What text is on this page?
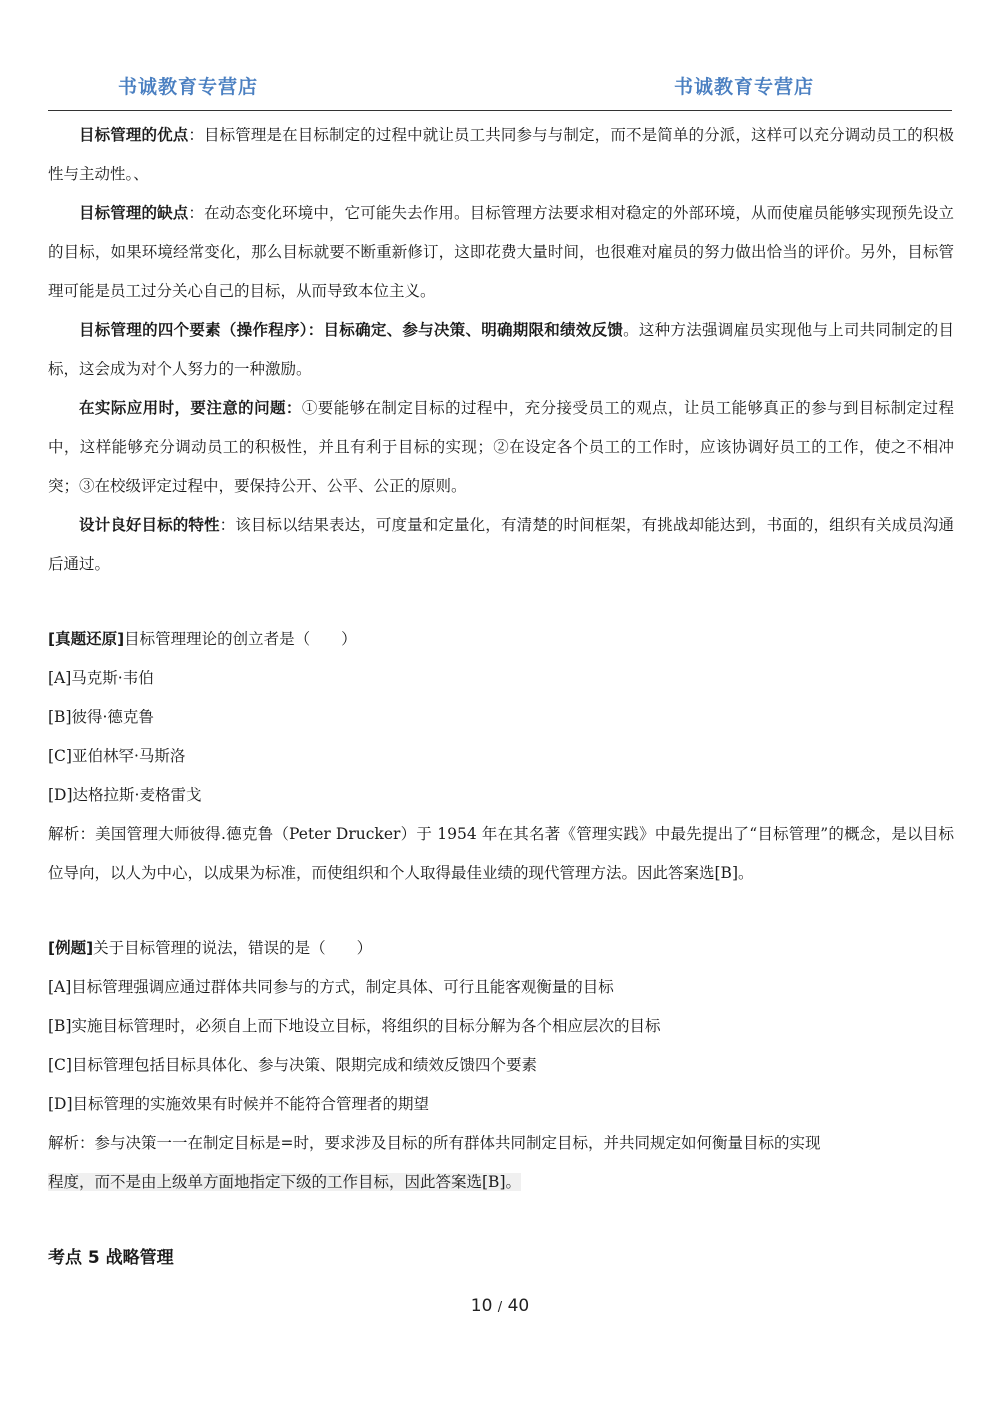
书诚教育专营店	书诚教育专营店

目标管理的优点：目标管理是在目标制定的过程中就让员工共同参与与制定，而不是简单的分派，这样可以充分调动员工的积极性与主动性。、

目标管理的缺点：在动态变化环境中，它可能失去作用。目标管理方法要求相对稳定的外部环境，从而使雇员能够实现预先设立的目标，如果环境经常变化，那么目标就要不断重新修订，这即花费大量时间，也很难对雇员的努力做出恰当的评价。另外，目标管理可能是员工过分关心自己的目标，从而导致本位主义。

目标管理的四个要素（操作程序）：目标确定、参与决策、明确期限和绩效反馈。这种方法强调雇员实现他与上司共同制定的目标，这会成为对个人努力的一种激励。

在实际应用时，要注意的问题：①要能够在制定目标的过程中，充分接受员工的观点，让员工能够真正的参与到目标制定过程中，这样能够充分调动员工的积极性，并且有利于目标的实现；②在设定各个员工的工作时，应该协调好员工的工作，使之不相冲突；③在校级评定过程中，要保持公开、公平、公正的原则。

设计良好目标的特性：该目标以结果表达，可度量和定量化，有清楚的时间框架，有挑战却能达到，书面的，组织有关成员沟通后通过。

[真题还原]目标管理理论的创立者是（　　）

[A]马克斯·韦伯

[B]彼得·德克鲁

[C]亚伯林罕·马斯洛

[D]达格拉斯·麦格雷戈

解析：美国管理大师彼得.德克鲁（Peter Drucker）于 1954 年在其名著《管理实践》中最先提出了“目标管理”的概念，是以目标位导向，以人为中心，以成果为标准，而使组织和个人取得最佳业绩的现代管理方法。因此答案选[B]。

[例题]关于目标管理的说法，错误的是（　　）

[A]目标管理强调应通过群体共同参与的方式，制定具体、可行且能客观衡量的目标

[B]实施目标管理时，必须自上而下地设立目标，将组织的目标分解为各个相应层次的目标

[C]目标管理包括目标具体化、参与决策、限期完成和绩效反馈四个要素

[D]目标管理的实施效果有时候并不能符合管理者的期望

解析：参与决策一一在制定目标是=时，要求涉及目标的所有群体共同制定目标，并共同规定如何衡量目标的实现

程度，而不是由上级单方面地指定下级的工作目标，因此答案选[B]。

考点 5 战略管理
10 / 40
